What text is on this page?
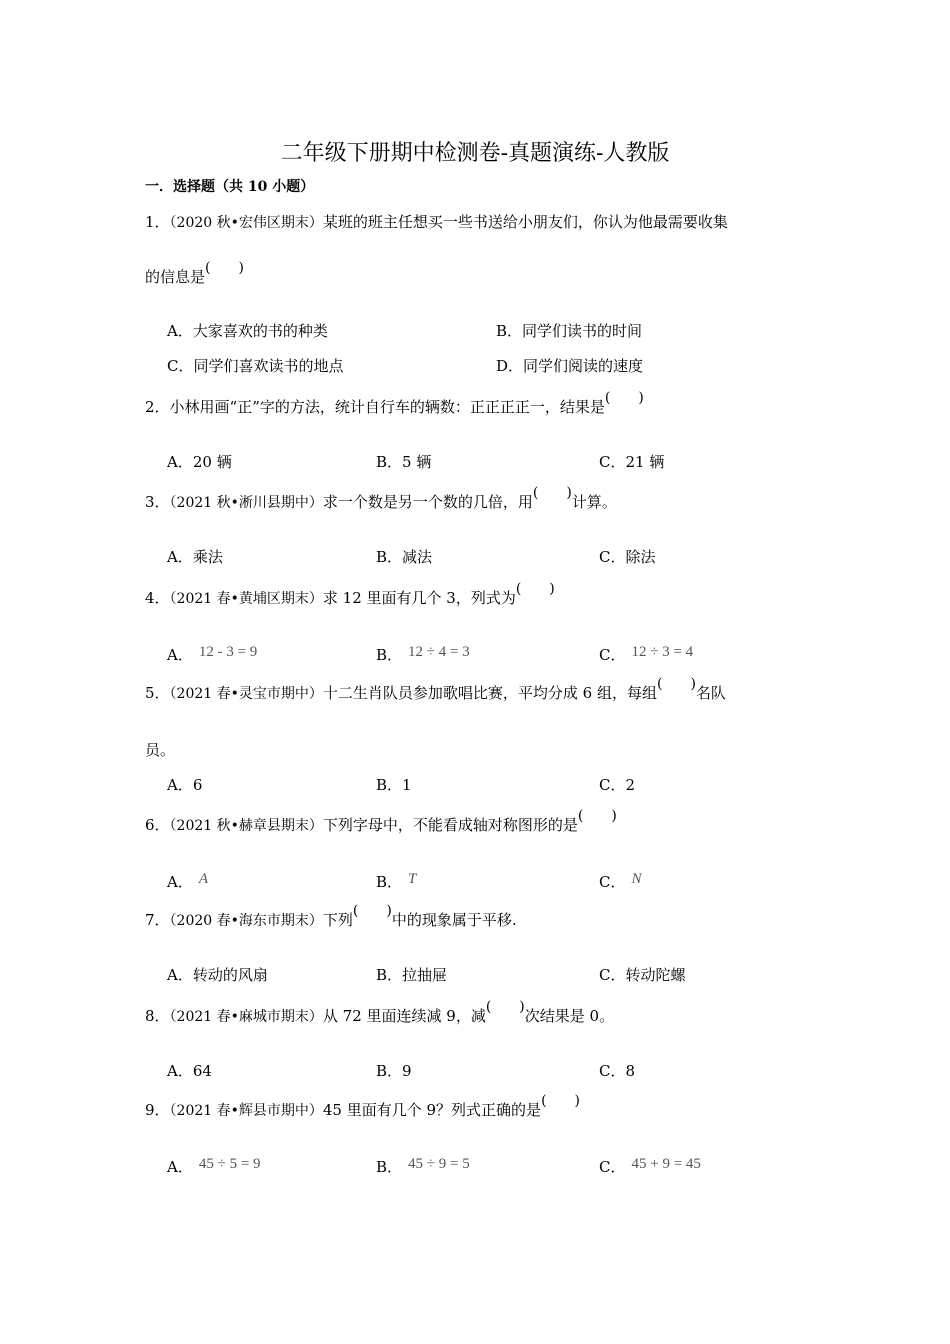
二年级下册期中检测卷-真题演练-人教版
一．选择题（共 10 小题）
1．（2020 秋•宏伟区期末）某班的班主任想买一些书送给小朋友们，你认为他最需要收集
的信息是(　　)
A．大家喜欢的书的种类	B．同学们读书的时间
C．同学们喜欢读书的地点	D．同学们阅读的速度
2．小林用画“正”字的方法，统计自行车的辆数：正正正正一，结果是(　　)
A．20 辆	B．5 辆	C．21 辆
3．（2021 秋•淅川县期中）求一个数是另一个数的几倍，用(　　)计算。
A．乘法	B．减法	C．除法
4．（2021 春•黄埔区期末）求 12 里面有几个 3，列式为(　　)
A． 12 - 3 = 9	B． 12 ÷ 4 = 3	C． 12 ÷ 3 = 4
5．（2021 春•灵宝市期中）十二生肖队员参加歌唱比赛，平均分成 6 组，每组(　　)名队
员。
A．6	B．1	C．2
6．（2021 秋•赫章县期末）下列字母中，不能看成轴对称图形的是(　　)
A． A	B． T	C． N
7．（2020 春•海东市期末）下列(　　)中的现象属于平移.
A．转动的风扇	B．拉抽屉	C．转动陀螺
8．（2021 春•麻城市期末）从 72 里面连续减 9，减(　　)次结果是 0。
A．64	B．9	C．8
9．（2021 春•辉县市期中）45 里面有几个 9？列式正确的是(　　)
A． 45 ÷ 5 = 9	B． 45 ÷ 9 = 5	C． 45 + 9 = 45
